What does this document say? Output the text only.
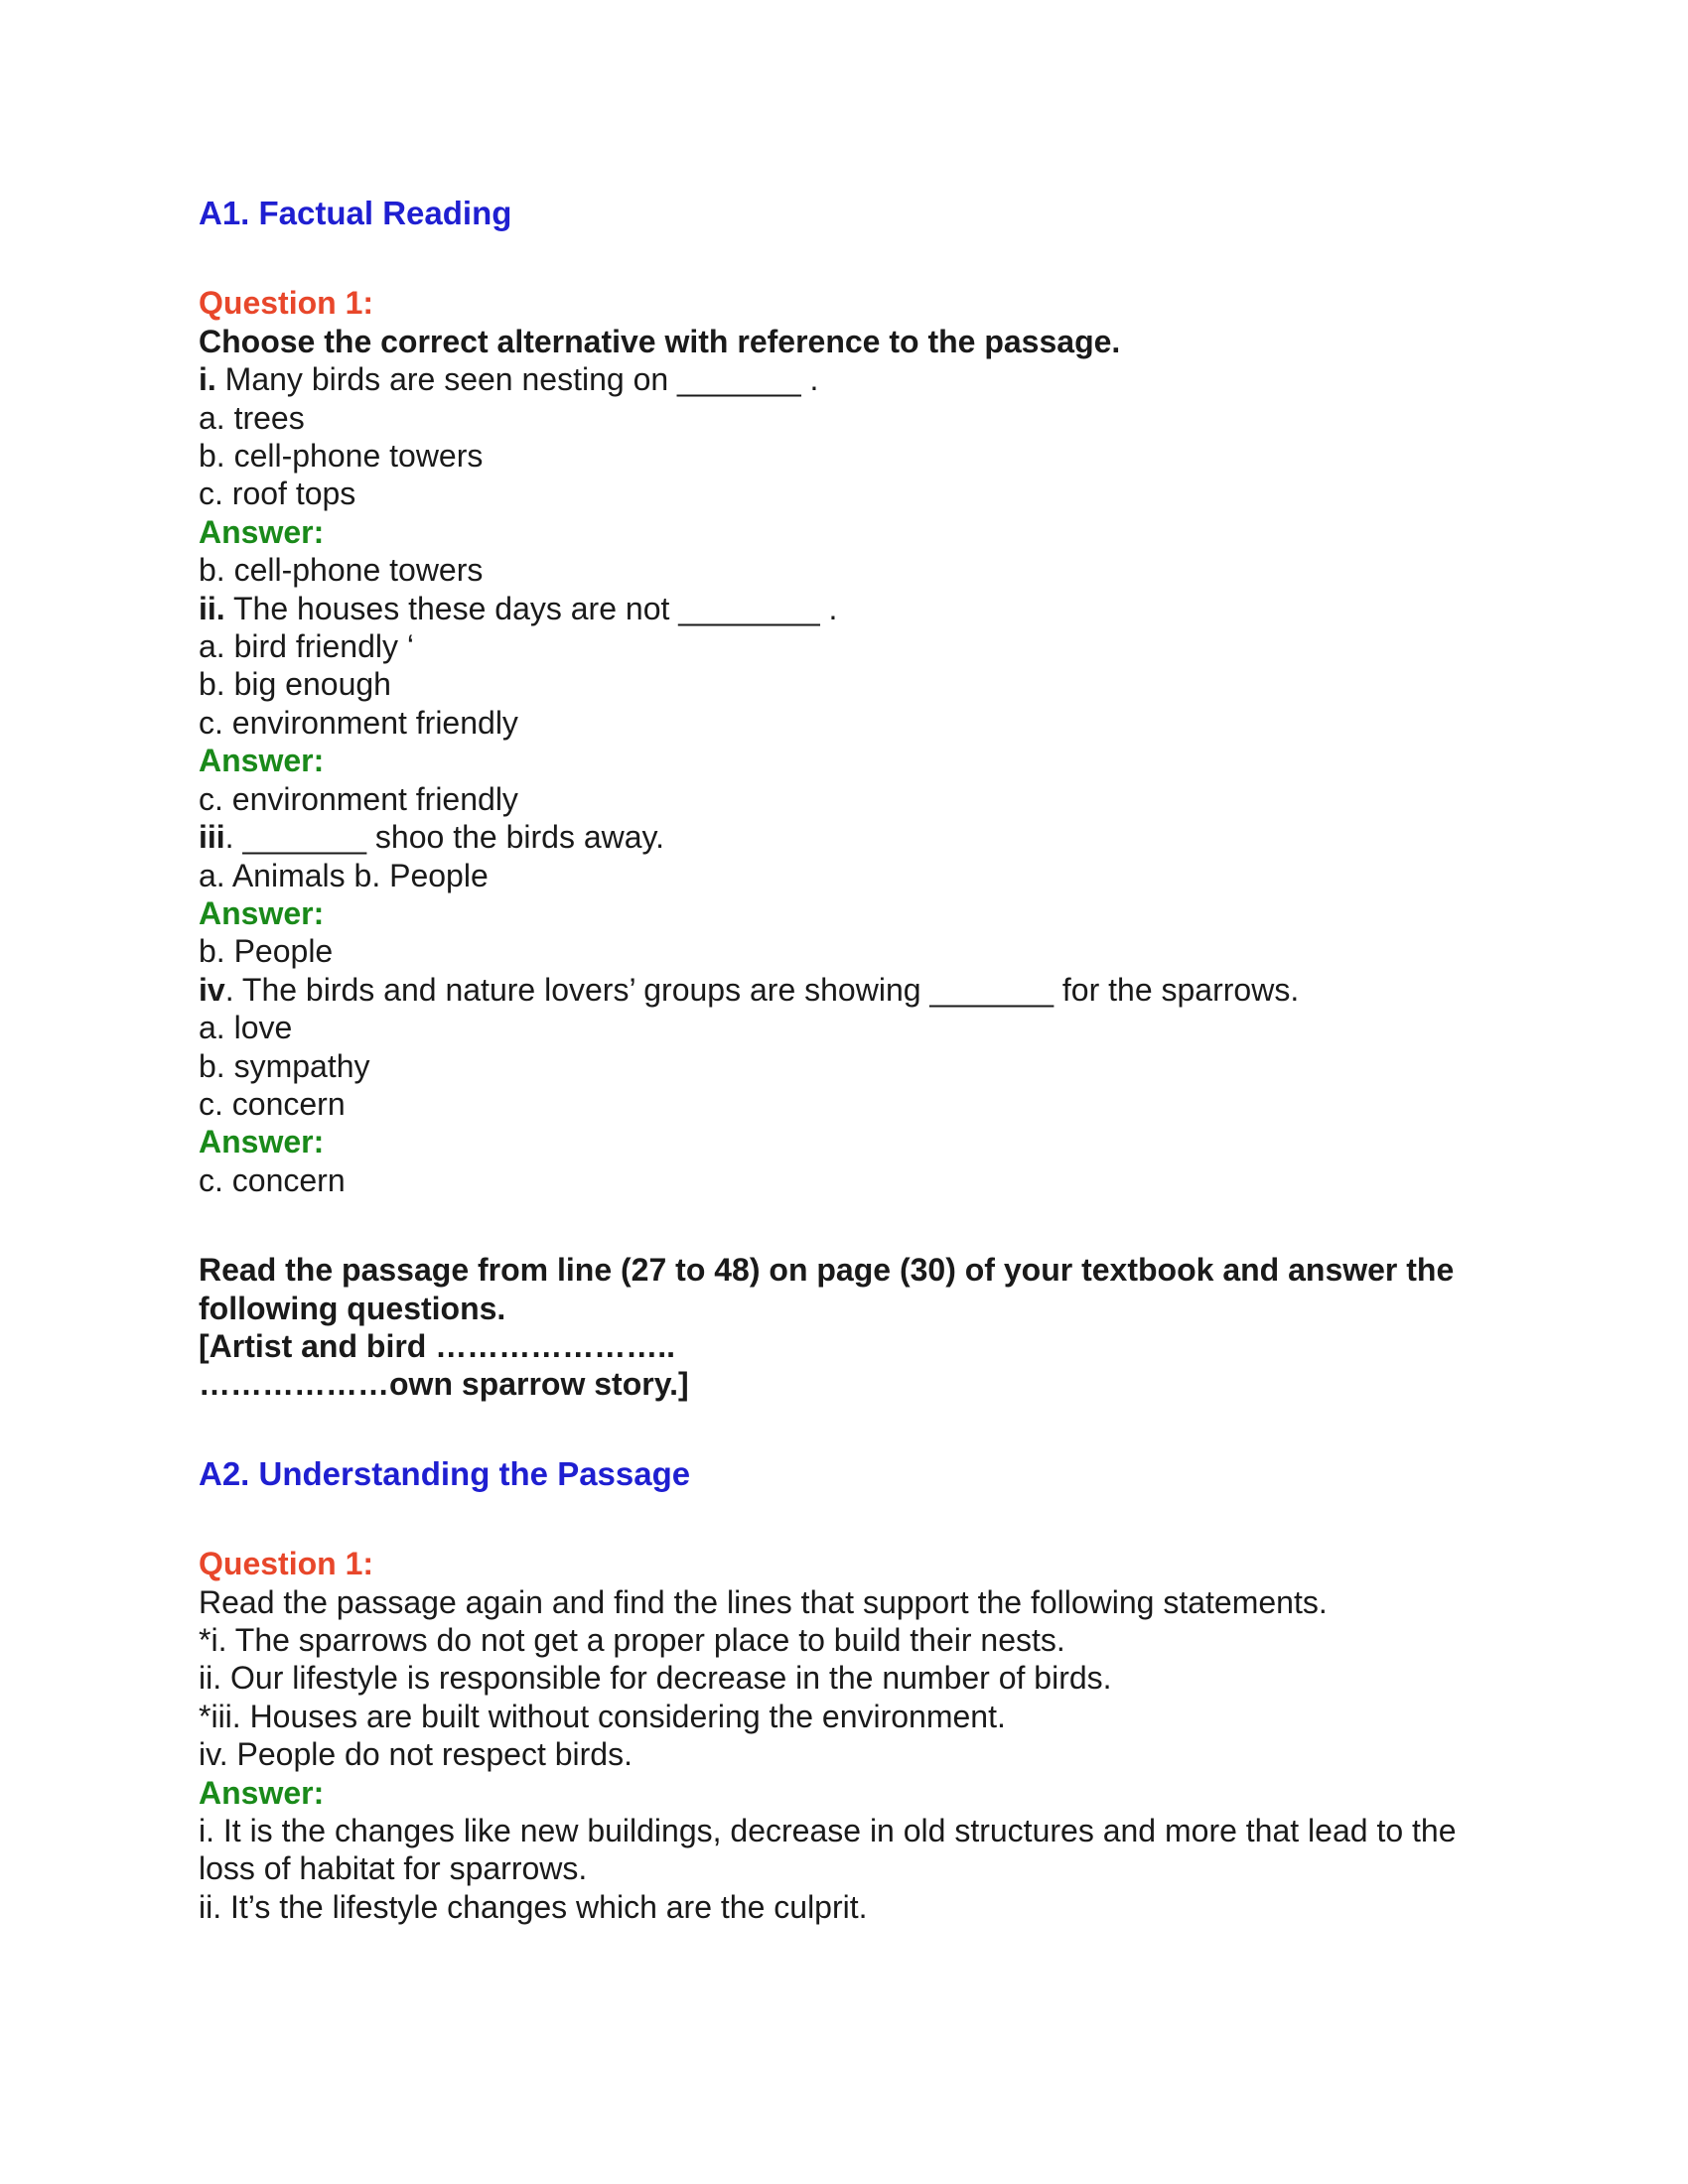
A1. Factual Reading
Question 1:
Choose the correct alternative with reference to the passage.
i. Many birds are seen nesting on _______ .
a. trees
b. cell-phone towers
c. roof tops
Answer:
b. cell-phone towers
ii. The houses these days are not ________ .
a. bird friendly ‘
b. big enough
c. environment friendly
Answer:
c. environment friendly
iii. _______ shoo the birds away.
a. Animals b. People
Answer:
b. People
iv. The birds and nature lovers’ groups are showing _______ for the sparrows.
a. love
b. sympathy
c. concern
Answer:
c. concern
Read the passage from line (27 to 48) on page (30) of your textbook and answer the following questions.
[Artist and bird …………………..
………………own sparrow story.]
A2. Understanding the Passage
Question 1:
Read the passage again and find the lines that support the following statements.
*i. The sparrows do not get a proper place to build their nests.
ii. Our lifestyle is responsible for decrease in the number of birds.
*iii. Houses are built without considering the environment.
iv. People do not respect birds.
Answer:
i. It is the changes like new buildings, decrease in old structures and more that lead to the loss of habitat for sparrows.
ii. It’s the lifestyle changes which are the culprit.
